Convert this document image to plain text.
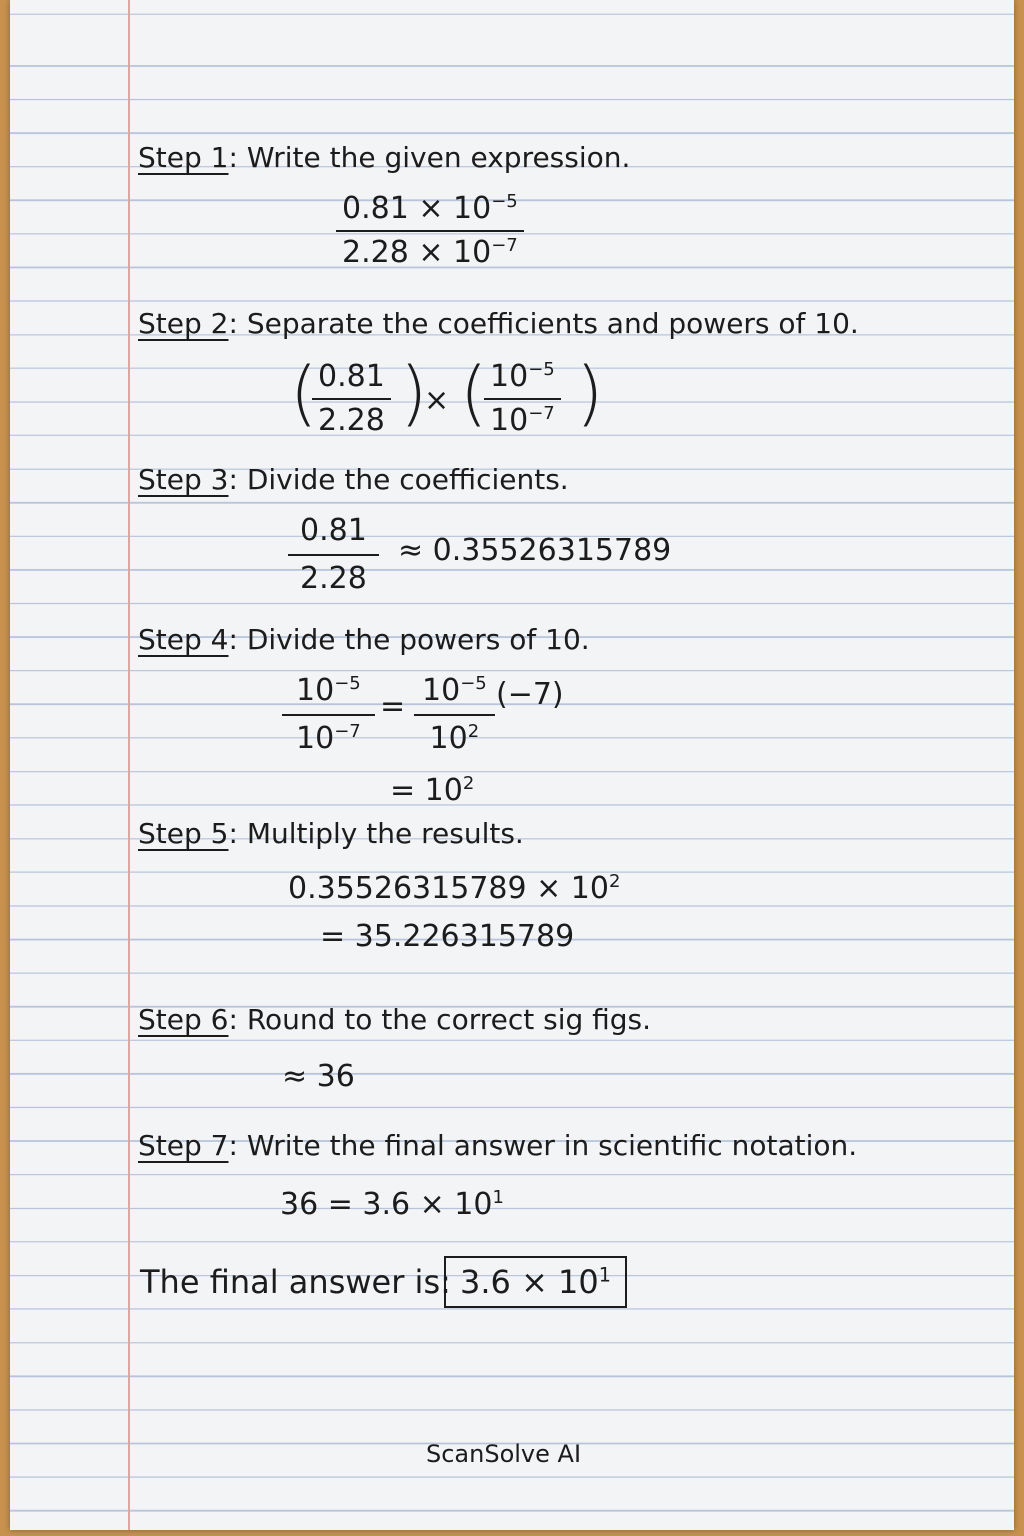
Step 1: Write the given expression.
$\frac{0.81 \times 10^{-5}}{2.28 \times 10^{-7}}$
Step 2: Separate the coefficients and powers of 10.
(
$\frac{0.81}{2.28}$ )
× (
$\frac{10^{-5}}{10^{-7}}$ )
Step 3: Divide the coefficients.
$\frac{0.81}{2.28} \approx 0.35526315789$
Step 4: Divide the powers of 10.
$\frac{10^{-5}}{10^{-7}} = \frac{10^{-5}}{10^2} (-7)$
= $10^2$
Step 5: Multiply the results.
$0.35526315789 \times 10^2$
= 35.226315789
Step 6: Round to the correct sig figs.
≈ 36
Step 7: Write the final answer in scientific notation.
$36 = 3.6 \times 10^1$
The final answer is: $3.6 \times 10^1$
ScanSolve AI
